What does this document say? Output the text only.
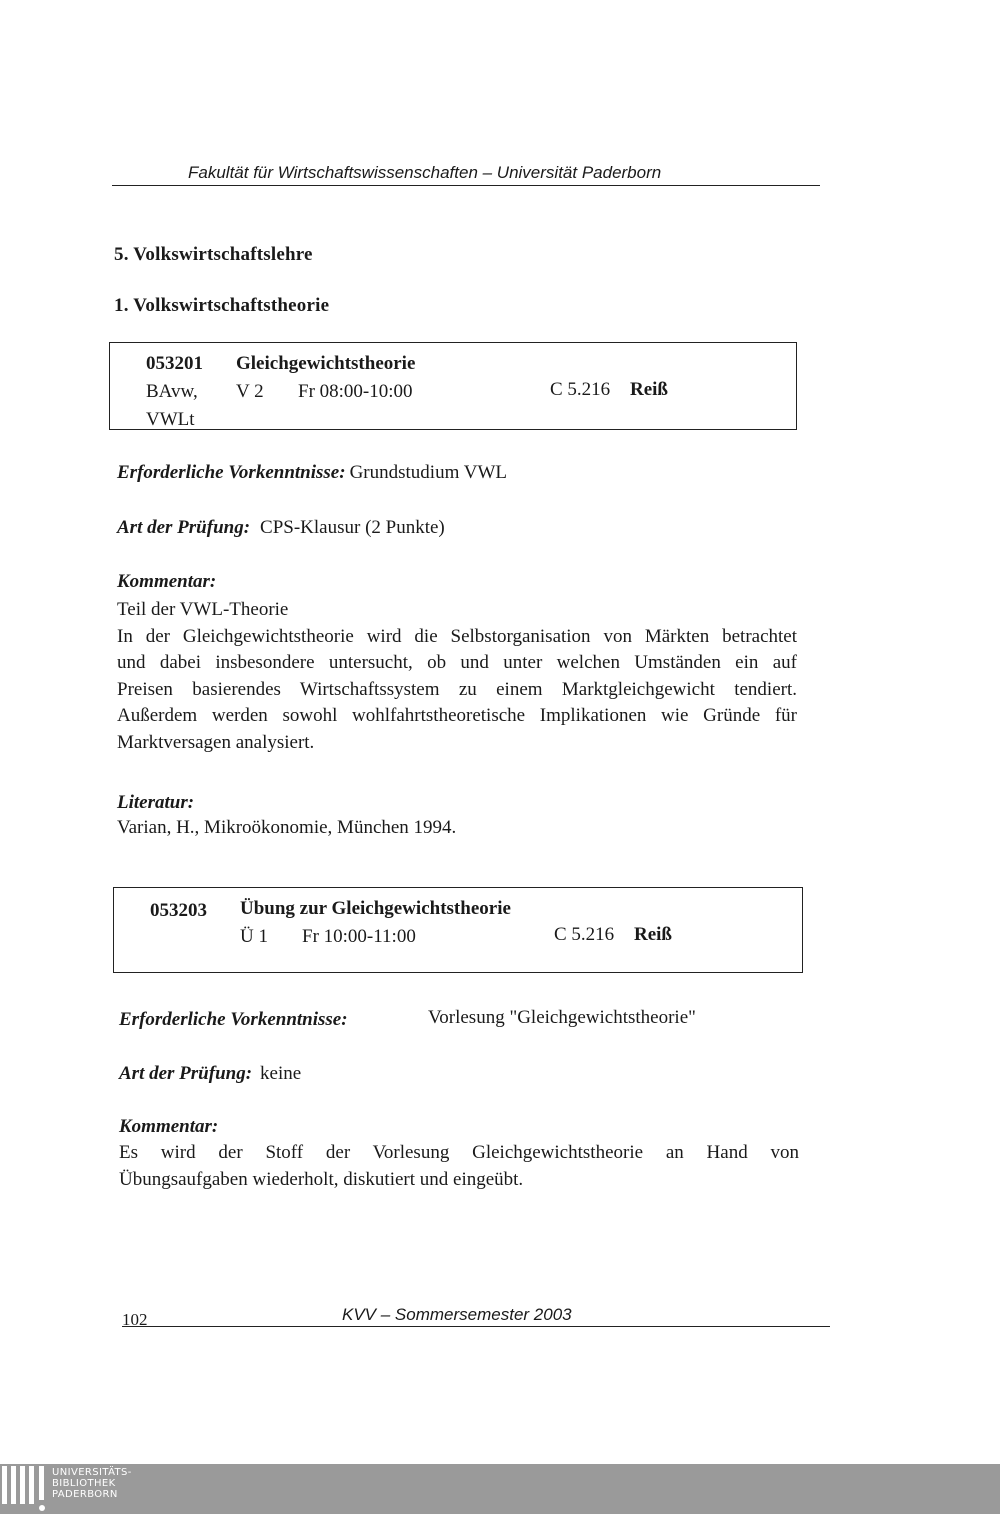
Fakultät für Wirtschaftswissenschaften – Universität Paderborn
5. Volkswirtschaftslehre
1. Volkswirtschaftstheorie
053201 Gleichgewichtstheorie
BAvw, V 2 Fr 08:00-10:00	C 5.216 Reiß
VWLt
Erforderliche Vorkenntnisse: Grundstudium VWL
Art der Prüfung: CPS-Klausur (2 Punkte)
Kommentar:
Teil der VWL-Theorie
In der Gleichgewichtstheorie wird die Selbstorganisation von Märkten betrachtet
und dabei insbesondere untersucht, ob und unter welchen Umständen ein auf
Preisen basierendes Wirtschaftssystem zu einem Marktgleichgewicht tendiert.
Außerdem werden sowohl wohlfahrtstheoretische Implikationen wie Gründe für
Marktversagen analysiert.
Literatur:
Varian, H., Mikroökonomie, München 1994.
053203 Übung zur Gleichgewichtstheorie
Ü 1 Fr 10:00-11:00	C 5.216 Reiß
Erforderliche Vorkenntnisse:	Vorlesung "Gleichgewichtstheorie"
Art der Prüfung: keine
Kommentar:
Es wird der Stoff der Vorlesung Gleichgewichtstheorie an Hand von
Übungsaufgaben wiederholt, diskutiert und eingeübt.
102	KVV – Sommersemester 2003
UNIVERSITÄTS-
BIBLIOTHEK
PADERBORN
